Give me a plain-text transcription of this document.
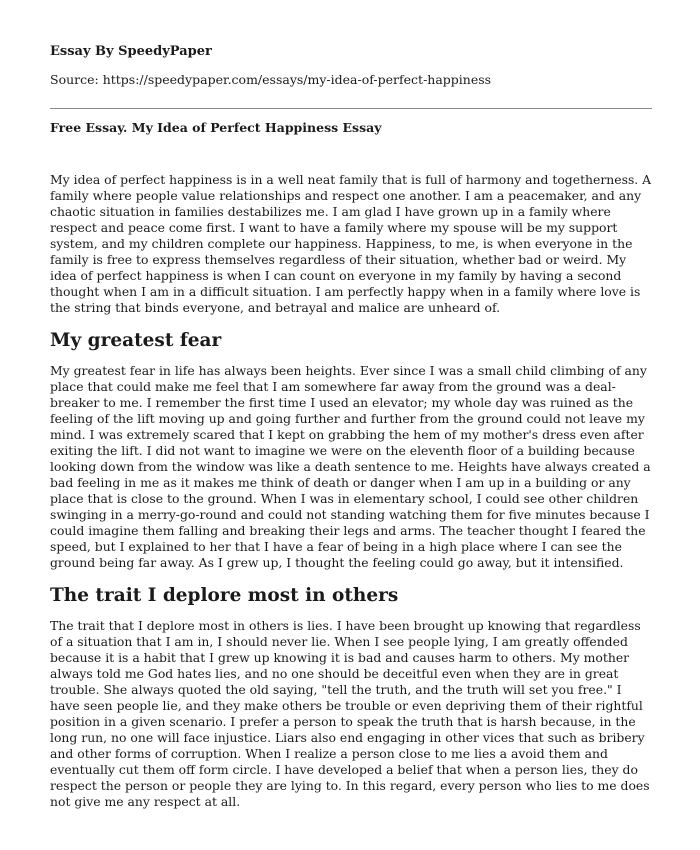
Essay By SpeedyPaper
Source: https://speedypaper.com/essays/my-idea-of-perfect-happiness
Free Essay. My Idea of Perfect Happiness Essay

My idea of perfect happiness is in a well neat family that is full of harmony and togetherness. A family where people value relationships and respect one another. I am a peacemaker, and any chaotic situation in families destabilizes me. I am glad I have grown up in a family where respect and peace come first. I want to have a family where my spouse will be my support system, and my children complete our happiness. Happiness, to me, is when everyone in the family is free to express themselves regardless of their situation, whether bad or weird. My idea of perfect happiness is when I can count on everyone in my family by having a second thought when I am in a difficult situation. I am perfectly happy when in a family where love is the string that binds everyone, and betrayal and malice are unheard of.

My greatest fear

My greatest fear in life has always been heights. Ever since I was a small child climbing of any place that could make me feel that I am somewhere far away from the ground was a deal-breaker to me. I remember the first time I used an elevator; my whole day was ruined as the feeling of the lift moving up and going further and further from the ground could not leave my mind. I was extremely scared that I kept on grabbing the hem of my mother's dress even after exiting the lift. I did not want to imagine we were on the eleventh floor of a building because looking down from the window was like a death sentence to me. Heights have always created a bad feeling in me as it makes me think of death or danger when I am up in a building or any place that is close to the ground. When I was in elementary school, I could see other children swinging in a merry-go-round and could not standing watching them for five minutes because I could imagine them falling and breaking their legs and arms. The teacher thought I feared the speed, but I explained to her that I have a fear of being in a high place where I can see the ground being far away. As I grew up, I thought the feeling could go away, but it intensified.

The trait I deplore most in others

The trait that I deplore most in others is lies. I have been brought up knowing that regardless of a situation that I am in, I should never lie. When I see people lying, I am greatly offended because it is a habit that I grew up knowing it is bad and causes harm to others. My mother always told me God hates lies, and no one should be deceitful even when they are in great trouble. She always quoted the old saying, "tell the truth, and the truth will set you free." I have seen people lie, and they make others be trouble or even depriving them of their rightful position in a given scenario. I prefer a person to speak the truth that is harsh because, in the long run, no one will face injustice. Liars also end engaging in other vices that such as bribery and other forms of corruption. When I realize a person close to me lies a avoid them and eventually cut them off form circle. I have developed a belief that when a person lies, they do respect the person or people they are lying to. In this regard, every person who lies to me does not give me any respect at all.
